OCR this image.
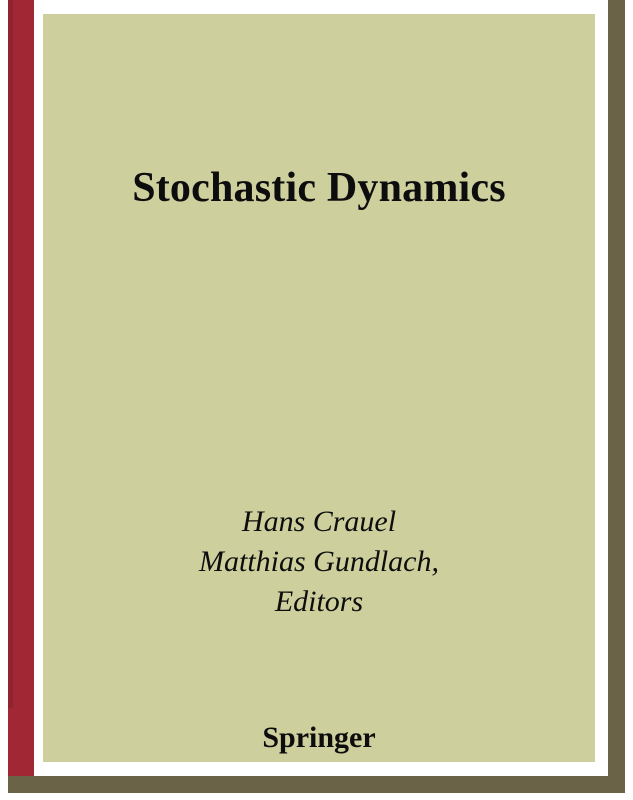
Stochastic Dynamics
Hans Crauel
Matthias Gundlach,
Editors
Springer
